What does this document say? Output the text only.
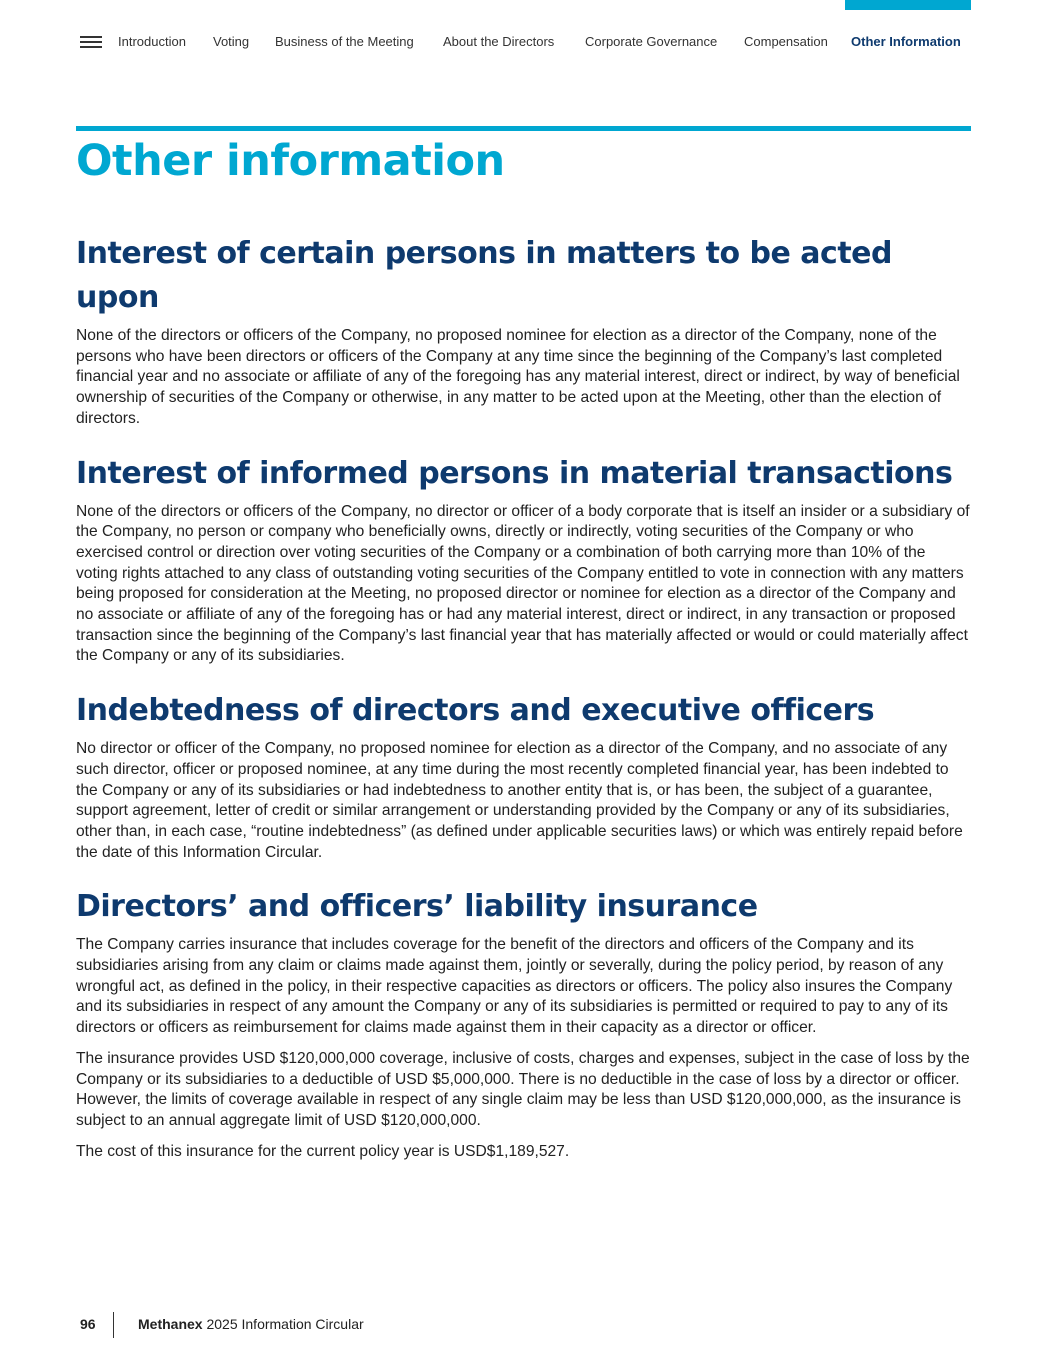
Introduction Voting Business of the Meeting About the Directors Corporate Governance Compensation Other Information
Other information
Interest of certain persons in matters to be acted upon

None of the directors or officers of the Company, no proposed nominee for election as a director of the Company, none of the persons who have been directors or officers of the Company at any time since the beginning of the Company’s last completed financial year and no associate or affiliate of any of the foregoing has any material interest, direct or indirect, by way of beneficial ownership of securities of the Company or otherwise, in any matter to be acted upon at the Meeting, other than the election of directors.

Interest of informed persons in material transactions

None of the directors or officers of the Company, no director or officer of a body corporate that is itself an insider or a subsidiary of the Company, no person or company who beneficially owns, directly or indirectly, voting securities of the Company or who exercised control or direction over voting securities of the Company or a combination of both carrying more than 10% of the voting rights attached to any class of outstanding voting securities of the Company entitled to vote in connection with any matters being proposed for consideration at the Meeting, no proposed director or nominee for election as a director of the Company and no associate or affiliate of any of the foregoing has or had any material interest, direct or indirect, in any transaction or proposed transaction since the beginning of the Company’s last financial year that has materially affected or would or could materially affect the Company or any of its subsidiaries.

Indebtedness of directors and executive officers

No director or officer of the Company, no proposed nominee for election as a director of the Company, and no associate of any such director, officer or proposed nominee, at any time during the most recently completed financial year, has been indebted to the Company or any of its subsidiaries or had indebtedness to another entity that is, or has been, the subject of a guarantee, support agreement, letter of credit or similar arrangement or understanding provided by the Company or any of its subsidiaries, other than, in each case, “routine indebtedness” (as defined under applicable securities laws) or which was entirely repaid before the date of this Information Circular.

Directors’ and officers’ liability insurance

The Company carries insurance that includes coverage for the benefit of the directors and officers of the Company and its subsidiaries arising from any claim or claims made against them, jointly or severally, during the policy period, by reason of any wrongful act, as defined in the policy, in their respective capacities as directors or officers. The policy also insures the Company and its subsidiaries in respect of any amount the Company or any of its subsidiaries is permitted or required to pay to any of its directors or officers as reimbursement for claims made against them in their capacity as a director or officer.

The insurance provides USD $120,000,000 coverage, inclusive of costs, charges and expenses, subject in the case of loss by the Company or its subsidiaries to a deductible of USD $5,000,000. There is no deductible in the case of loss by a director or officer. However, the limits of coverage available in respect of any single claim may be less than USD $120,000,000, as the insurance is subject to an annual aggregate limit of USD $120,000,000.

The cost of this insurance for the current policy year is USD$1,189,527.

96	Methanex 2025 Information Circular
